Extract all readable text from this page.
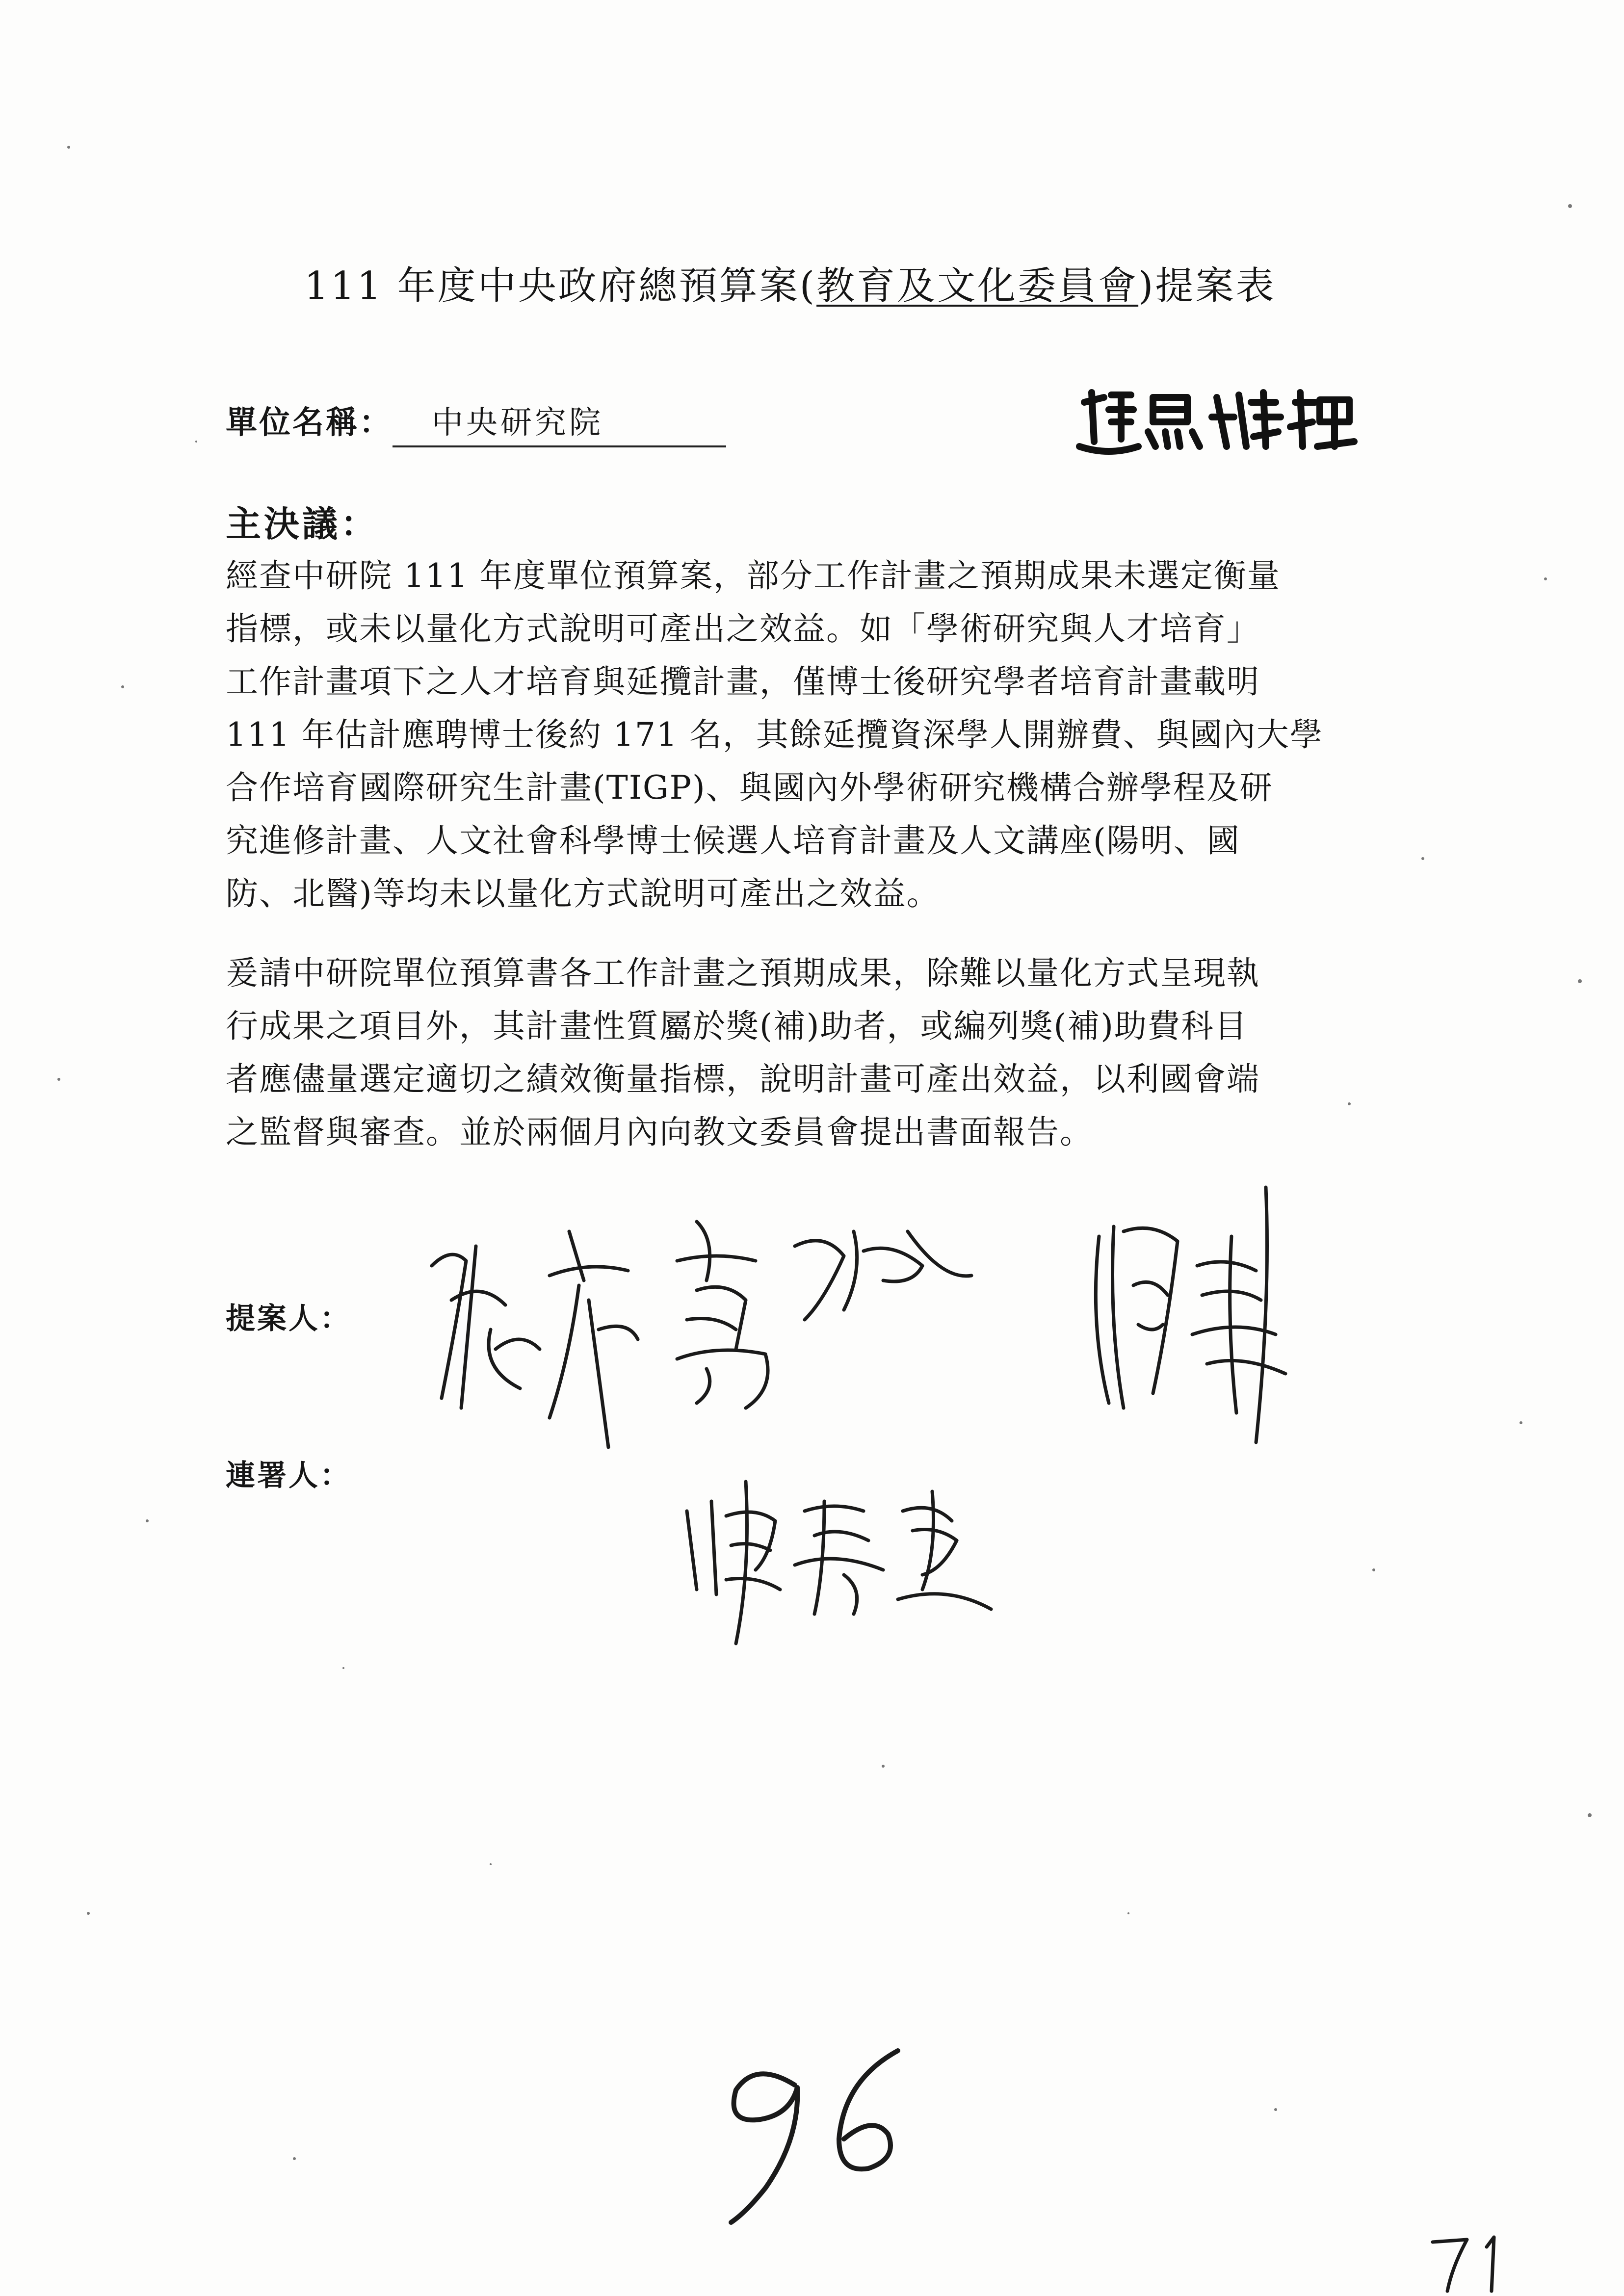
111 年度中央政府總預算案(教育及文化委員會)提案表
單位名稱： 中央研究院
主決議：
經查中研院 111 年度單位預算案，部分工作計畫之預期成果未選定衡量
指標，或未以量化方式說明可產出之效益。如「學術研究與人才培育」
工作計畫項下之人才培育與延攬計畫，僅博士後研究學者培育計畫載明
111 年估計應聘博士後約 171 名，其餘延攬資深學人開辦費、與國內大學
合作培育國際研究生計畫(TIGP)、與國內外學術研究機構合辦學程及研
究進修計畫、人文社會科學博士候選人培育計畫及人文講座(陽明、國
防、北醫)等均未以量化方式說明可產出之效益。
爰請中研院單位預算書各工作計畫之預期成果，除難以量化方式呈現執
行成果之項目外，其計畫性質屬於獎(補)助者，或編列獎(補)助費科目
者應儘量選定適切之績效衡量指標，說明計畫可產出效益，以利國會端
之監督與審查。並於兩個月內向教文委員會提出書面報告。
提案人：
連署人：
